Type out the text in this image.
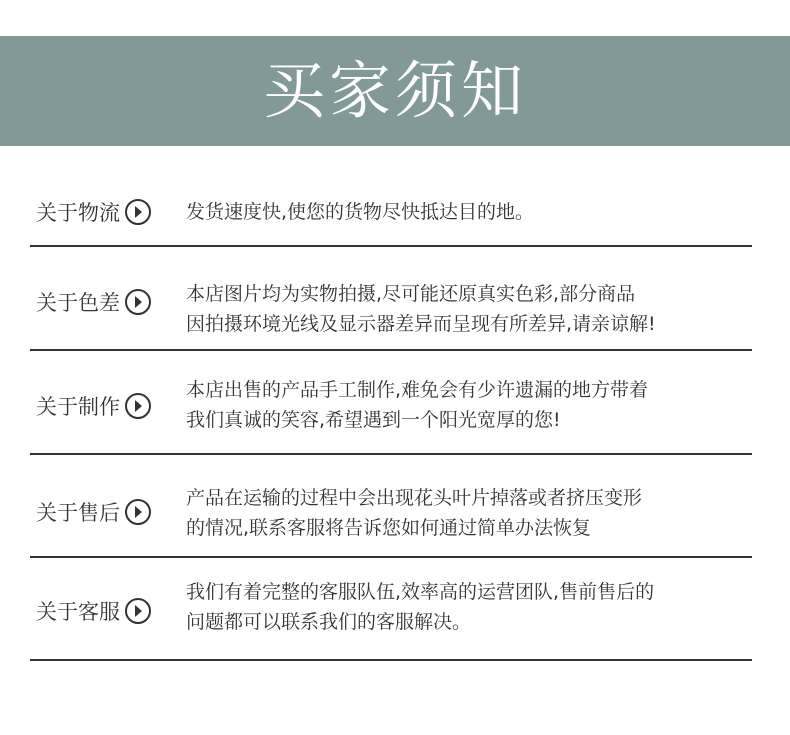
买家须知
关于物流	发货速度快,使您的货物尽快抵达目的地。
关于色差	本店图片均为实物拍摄,尽可能还原真实色彩,部分商品
因拍摄环境光线及显示器差异而呈现有所差异,请亲谅解!
关于制作
本店出售的产品手工制作,难免会有少许遗漏的地方带着
我们真诚的笑容,希望遇到一个阳光宽厚的您!
关于售后
产品在运输的过程中会出现花头叶片掉落或者挤压变形
的情况,联系客服将告诉您如何通过简单办法恢复
关于客服
我们有着完整的客服队伍,效率高的运营团队,售前售后的
问题都可以联系我们的客服解决。
